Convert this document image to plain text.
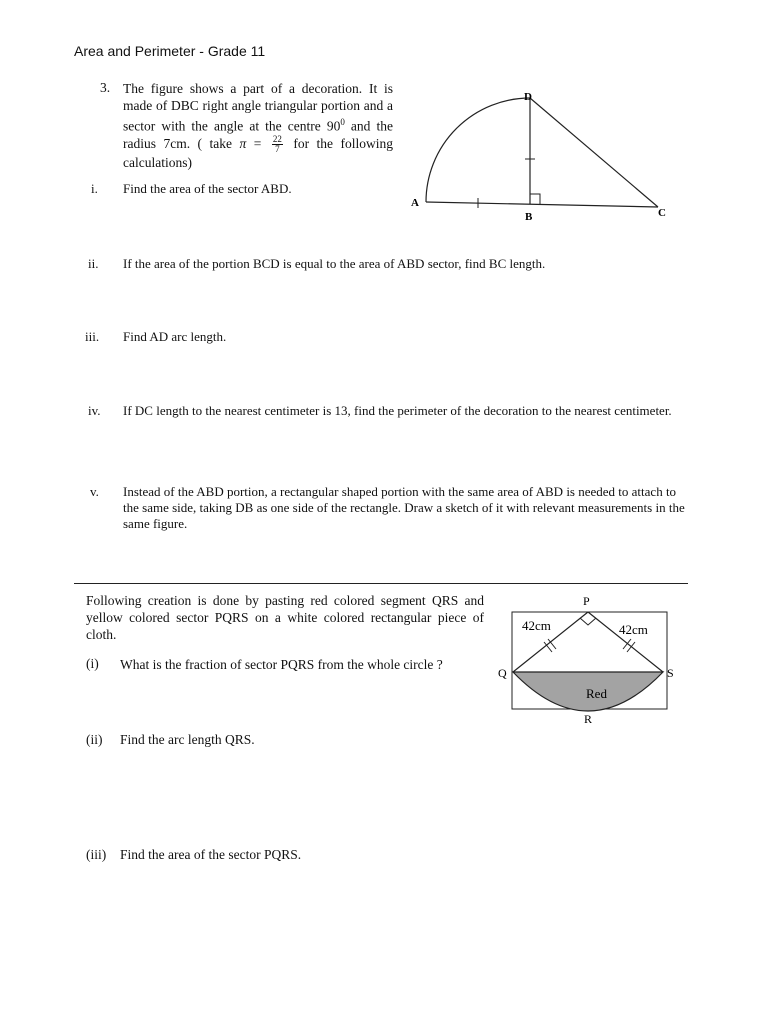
Area and Perimeter - Grade 11
3. The figure shows a part of a decoration. It is made of DBC right angle triangular portion and a sector with the angle at the centre $90^0$ and the radius 7cm. ( take $\pi = \frac{22}{7}$ for the following calculations)
i. Find the area of the sector ABD.
A
B	C
D
ii. If the area of the portion BCD is equal to the area of ABD sector, find BC length.
iii. Find AD arc length.
iv. If DC length to the nearest centimeter is 13, find the perimeter of the decoration to the nearest centimeter.
v. Instead of the ABD portion, a rectangular shaped portion with the same area of ABD is needed to attach to the same side, taking DB as one side of the rectangle. Draw a sketch of it with relevant measurements in the same figure.
Following creation is done by pasting red colored segment QRS and yellow colored sector PQRS on a white colored rectangular piece of cloth.
(i) What is the fraction of sector PQRS from the whole circle ?
(ii) Find the arc length QRS.
(iii) Find the area of the sector PQRS.
P
Q
R
S
42cm	42cm
Red
